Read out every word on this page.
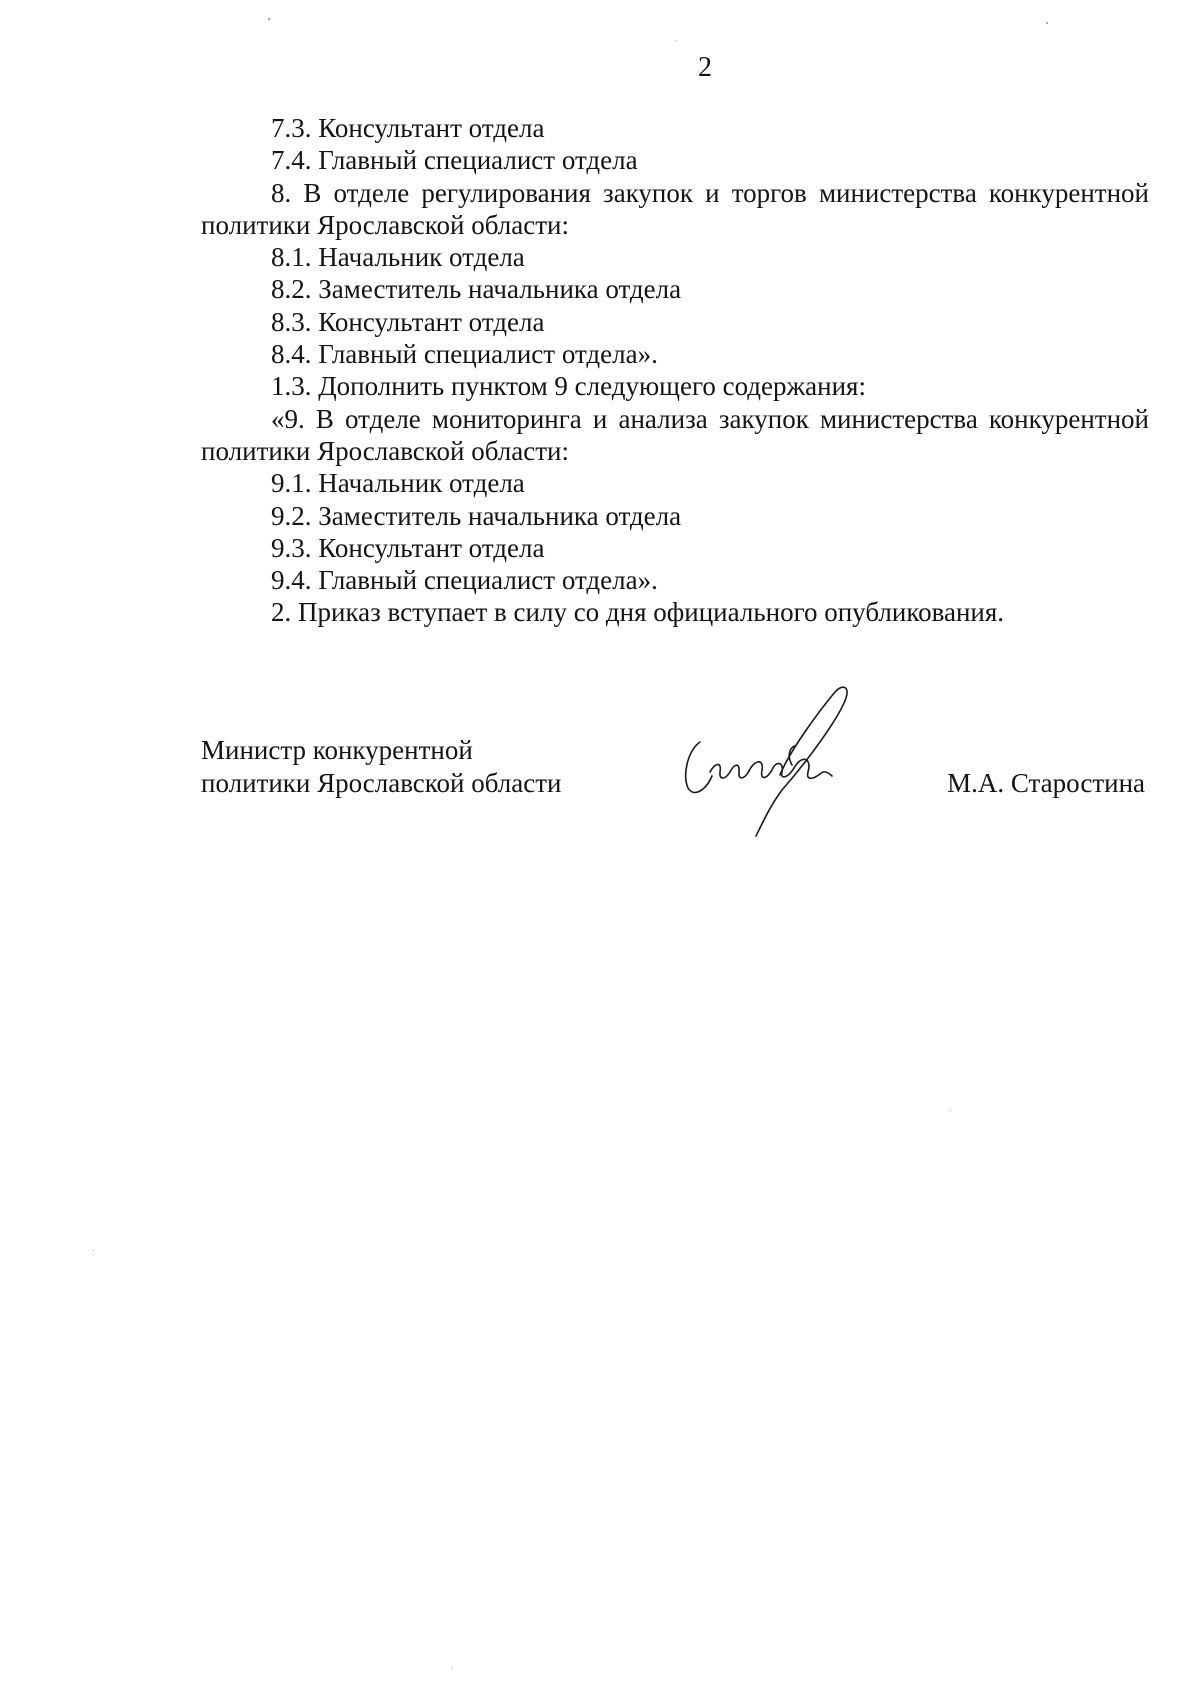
2
7.3. Консультант отдела
7.4. Главный специалист отдела
8. В отделе регулирования закупок и торгов министерства конкурентной
политики Ярославской области:
8.1. Начальник отдела
8.2. Заместитель начальника отдела
8.3. Консультант отдела
8.4. Главный специалист отдела».
1.3. Дополнить пунктом 9 следующего содержания:
«9. В отделе мониторинга и анализа закупок министерства конкурентной
политики Ярославской области:
9.1. Начальник отдела
9.2. Заместитель начальника отдела
9.3. Консультант отдела
9.4. Главный специалист отдела».
2. Приказ вступает в силу со дня официального опубликования.
Министр конкурентной
политики Ярославской области	М.А. Старостина
